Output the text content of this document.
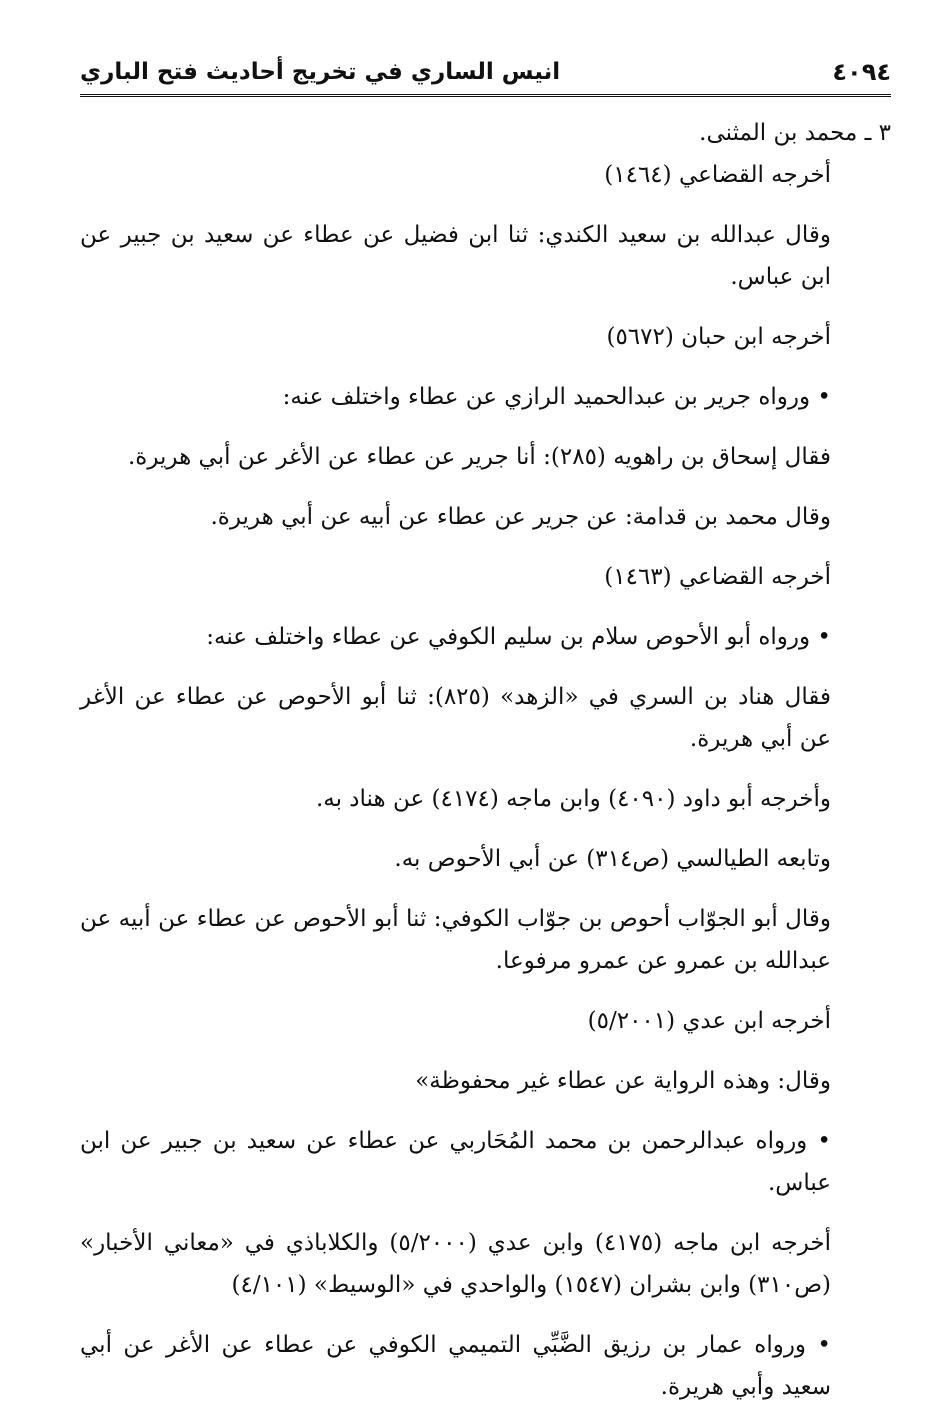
٤٠٩٤
انيس الساري في تخريج أحاديث فتح الباري

٣ ـ محمد بن المثنى.

أخرجه القضاعي (١٤٦٤)

وقال عبدالله بن سعيد الكندي: ثنا ابن فضيل عن عطاء عن سعيد بن جبير عن ابن عباس.

أخرجه ابن حبان (٥٦٧٢)

• ورواه جرير بن عبدالحميد الرازي عن عطاء واختلف عنه:

فقال إسحاق بن راهويه (٢٨٥): أنا جرير عن عطاء عن الأغر عن أبي هريرة.

وقال محمد بن قدامة: عن جرير عن عطاء عن أبيه عن أبي هريرة.

أخرجه القضاعي (١٤٦٣)

• ورواه أبو الأحوص سلام بن سليم الكوفي عن عطاء واختلف عنه:

فقال هناد بن السري في «الزهد» (٨٢٥): ثنا أبو الأحوص عن عطاء عن الأغر عن أبي هريرة.

وأخرجه أبو داود (٤٠٩٠) وابن ماجه (٤١٧٤) عن هناد به.

وتابعه الطيالسي (ص٣١٤) عن أبي الأحوص به.

وقال أبو الجوّاب أحوص بن جوّاب الكوفي: ثنا أبو الأحوص عن عطاء عن أبيه عن عبدالله بن عمرو عن عمرو مرفوعا.

أخرجه ابن عدي (٥/٢٠٠١)

وقال: وهذه الرواية عن عطاء غير محفوظة»

• ورواه عبدالرحمن بن محمد المُحَاربي عن عطاء عن سعيد بن جبير عن ابن عباس.

أخرجه ابن ماجه (٤١٧٥) وابن عدي (٥/٢٠٠٠) والكلاباذي في «معاني الأخبار» (ص٣١٠) وابن بشران (١٥٤٧) والواحدي في «الوسيط» (٤/١٠١)

• ورواه عمار بن رزيق الضَّبِّي التميمي الكوفي عن عطاء عن الأغر عن أبي سعيد وأبي هريرة.
